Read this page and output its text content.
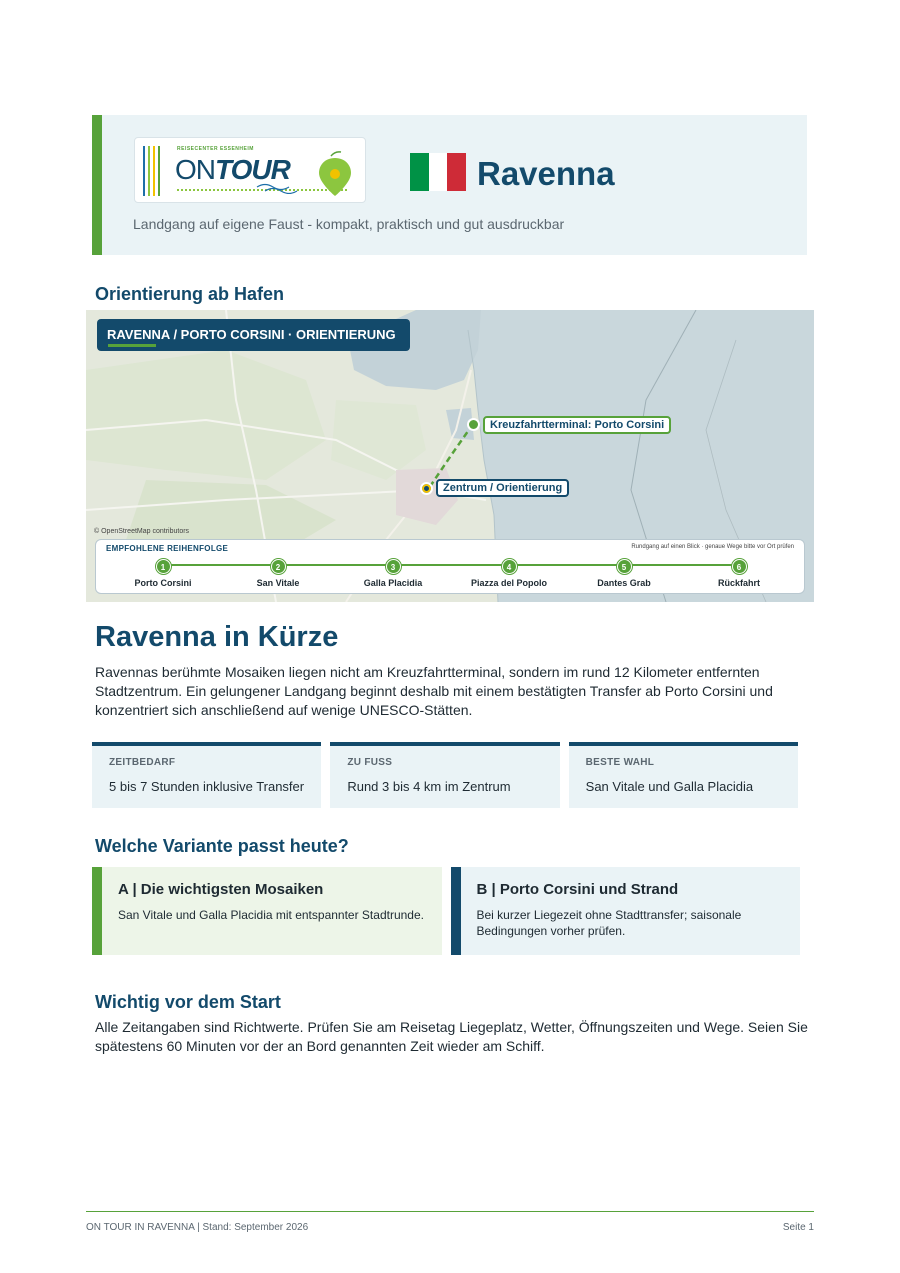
REISECENTER ESSENHEIM
ONTOUR	Ravenna
Landgang auf eigene Faust - kompakt, praktisch und gut ausdruckbar
Orientierung ab Hafen
RAVENNA / PORTO CORSINI · ORIENTIERUNG
Kreuzfahrtterminal: Porto Corsini
Zentrum / Orientierung
© OpenStreetMap contributors
EMPFOHLENE REIHENFOLGE	Rundgang auf einen Blick · genaue Wege bitte vor Ort prüfen
1
Porto Corsini
2
San Vitale
3
Galla Placidia
4
Piazza del Popolo
5
Dantes Grab
6
Rückfahrt
Ravenna in Kürze

Ravennas berühmte Mosaiken liegen nicht am Kreuzfahrtterminal, sondern im rund 12 Kilometer entfernten Stadtzentrum. Ein gelungener Landgang beginnt deshalb mit einem bestätigten Transfer ab Porto Corsini und konzentriert sich anschließend auf wenige UNESCO-Stätten.

ZEITBEDARF
5 bis 7 Stunden inklusive Transfer
ZU FUSS
Rund 3 bis 4 km im Zentrum
BESTE WAHL
San Vitale und Galla Placidia
Welche Variante passt heute?
A | Die wichtigsten Mosaiken
San Vitale und Galla Placidia mit entspannter Stadtrunde.
B | Porto Corsini und Strand
Bei kurzer Liegezeit ohne Stadttransfer; saisonale Bedingungen vorher prüfen.
Wichtig vor dem Start

Alle Zeitangaben sind Richtwerte. Prüfen Sie am Reisetag Liegeplatz, Wetter, Öffnungszeiten und Wege. Seien Sie spätestens 60 Minuten vor der an Bord genannten Zeit wieder am Schiff.

ON TOUR IN RAVENNA | Stand: September 2026	Seite 1
